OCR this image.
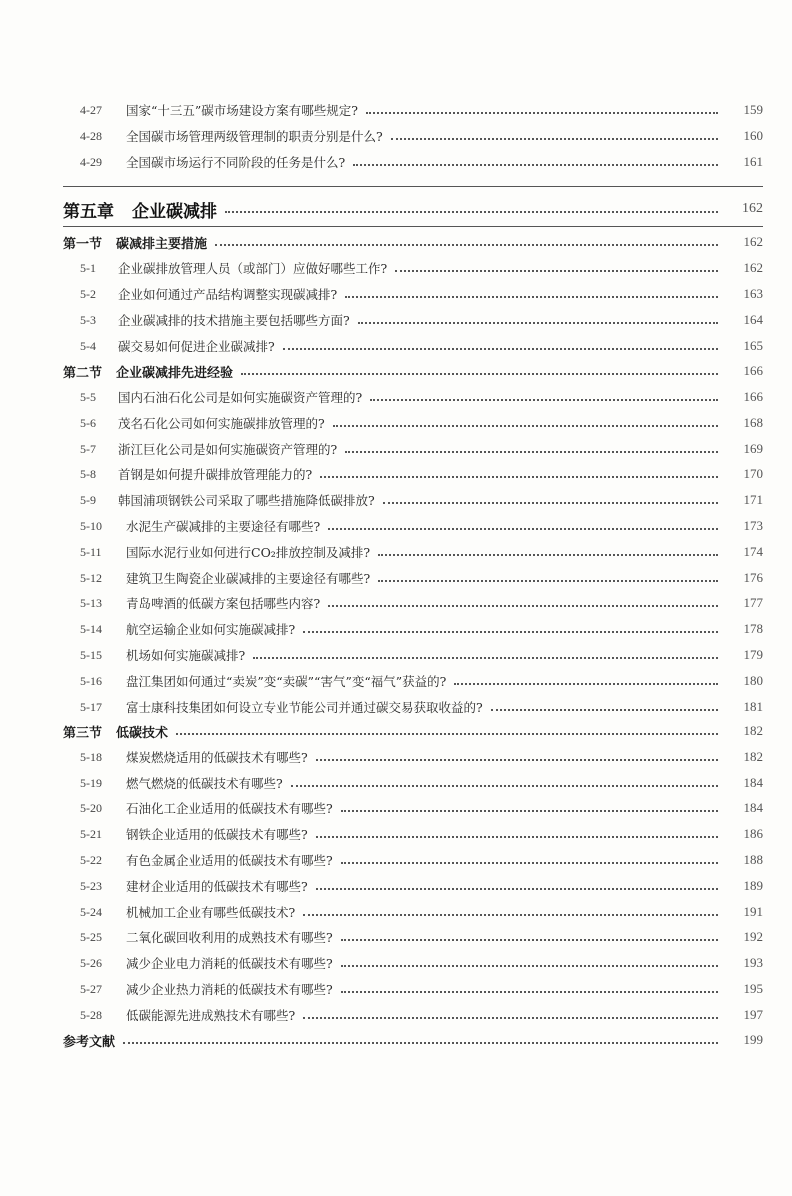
4-27	国家“十三五”碳市场建设方案有哪些规定?	159
4-28	全国碳市场管理两级管理制的职责分别是什么?	160
4-29	全国碳市场运行不同阶段的任务是什么?	161
第五章 企业碳减排	162
第一节 碳减排主要措施	162
5-1	企业碳排放管理人员（或部门）应做好哪些工作?	162
5-2	企业如何通过产品结构调整实现碳减排?	163
5-3	企业碳减排的技术措施主要包括哪些方面?	164
5-4	碳交易如何促进企业碳减排?	165
第二节 企业碳减排先进经验	166
5-5	国内石油石化公司是如何实施碳资产管理的?	166
5-6	茂名石化公司如何实施碳排放管理的?	168
5-7	浙江巨化公司是如何实施碳资产管理的?	169
5-8	首钢是如何提升碳排放管理能力的?	170
5-9	韩国浦项钢铁公司采取了哪些措施降低碳排放?	171
5-10	水泥生产碳减排的主要途径有哪些?	173
5-11	国际水泥行业如何进行CO₂排放控制及减排?	174
5-12	建筑卫生陶瓷企业碳减排的主要途径有哪些?	176
5-13	青岛啤酒的低碳方案包括哪些内容?	177
5-14	航空运输企业如何实施碳减排?	178
5-15	机场如何实施碳减排?	179
5-16	盘江集团如何通过“卖炭”变“卖碳”“害气”变“福气”获益的?	180
5-17	富士康科技集团如何设立专业节能公司并通过碳交易获取收益的?	181
第三节 低碳技术	182
5-18	煤炭燃烧适用的低碳技术有哪些?	182
5-19	燃气燃烧的低碳技术有哪些?	184
5-20	石油化工企业适用的低碳技术有哪些?	184
5-21	钢铁企业适用的低碳技术有哪些?	186
5-22	有色金属企业适用的低碳技术有哪些?	188
5-23	建材企业适用的低碳技术有哪些?	189
5-24	机械加工企业有哪些低碳技术?	191
5-25	二氧化碳回收利用的成熟技术有哪些?	192
5-26	减少企业电力消耗的低碳技术有哪些?	193
5-27	减少企业热力消耗的低碳技术有哪些?	195
5-28	低碳能源先进成熟技术有哪些?	197
参考文献	199
